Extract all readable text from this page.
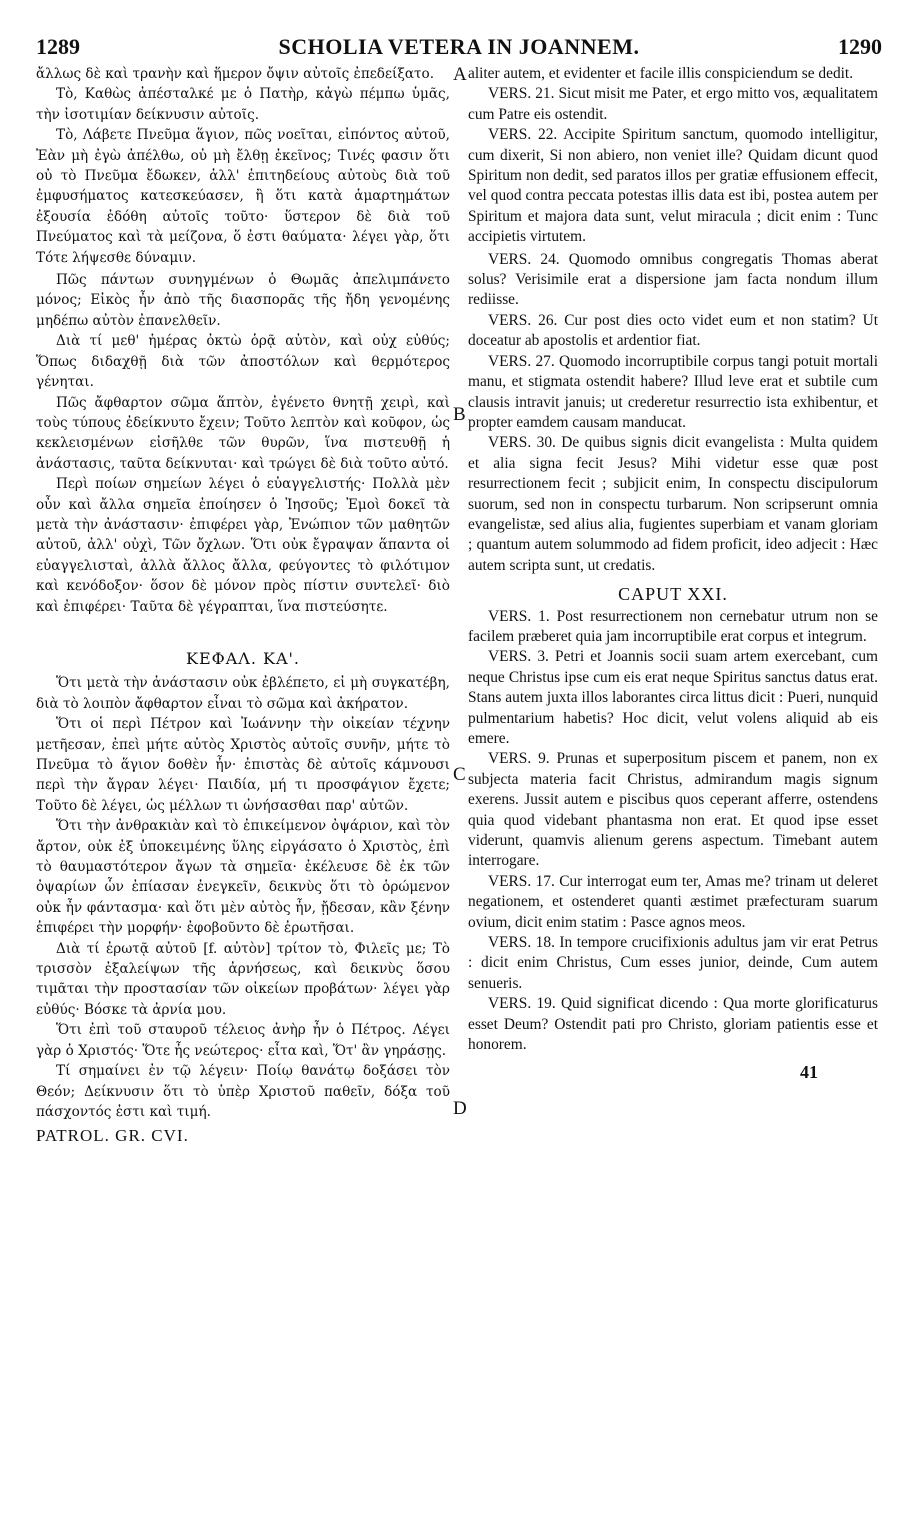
1289	SCHOLIA VETERA IN JOANNEM.	1290
A
B
C
D

ἄλλως δὲ καὶ τρανὴν καὶ ἥμερον ὄψιν αὐτοῖς ἐπεδείξατο.

Τὸ, Καθὼς ἀπέσταλκέ με ὁ Πατὴρ, κἀγὼ πέμπω ὑμᾶς, τὴν ἰσοτιμίαν δείκνυσιν αὐτοῖς.

Τὸ, Λάβετε Πνεῦμα ἅγιον, πῶς νοεῖται, εἰπόντος αὐτοῦ, Ἐὰν μὴ ἐγὼ ἀπέλθω, οὐ μὴ ἔλθῃ ἐκεῖνος; Τινές φασιν ὅτι οὐ τὸ Πνεῦμα ἔδωκεν, ἀλλ' ἐπιτηδείους αὐτοὺς διὰ τοῦ ἐμφυσήματος κατεσκεύασεν, ἢ ὅτι κατὰ ἁμαρτημάτων ἐξουσία ἐδόθη αὐτοῖς τοῦτο· ὕστερον δὲ διὰ τοῦ Πνεύματος καὶ τὰ μείζονα, ὅ ἐστι θαύματα· λέγει γὰρ, ὅτι Τότε λήψεσθε δύναμιν.

Πῶς πάντων συνηγμένων ὁ Θωμᾶς ἀπελιμπάνετο μόνος; Εἰκὸς ἦν ἀπὸ τῆς διασπορᾶς τῆς ἤδη γενομένης μηδέπω αὐτὸν ἐπανελθεῖν.

Διὰ τί μεθ' ἡμέρας ὀκτὼ ὁρᾷ αὐτὸν, καὶ οὐχ εὐθύς; Ὅπως διδαχθῇ διὰ τῶν ἀποστόλων καὶ θερμότερος γένηται.

Πῶς ἄφθαρτον σῶμα ἅπτὸν, ἐγένετο θνητῇ χειρὶ, καὶ τοὺς τύπους ἐδείκνυτο ἔχειν; Τοῦτο λεπτὸν καὶ κοῦφον, ὡς κεκλεισμένων εἰσῆλθε τῶν θυρῶν, ἵνα πιστευθῇ ἡ ἀνάστασις, ταῦτα δείκνυται· καὶ τρώγει δὲ διὰ τοῦτο αὐτό.

Περὶ ποίων σημείων λέγει ὁ εὐαγγελιστής· Πολλὰ μὲν οὖν καὶ ἄλλα σημεῖα ἐποίησεν ὁ Ἰησοῦς; Ἐμοὶ δοκεῖ τὰ μετὰ τὴν ἀνάστασιν· ἐπιφέρει γὰρ, Ἐνώπιον τῶν μαθητῶν αὐτοῦ, ἀλλ' οὐχὶ, Τῶν ὄχλων. Ὅτι οὐκ ἔγραψαν ἅπαντα οἱ εὐαγγελισταὶ, ἀλλὰ ἄλλος ἄλλα, φεύγοντες τὸ φιλότιμον καὶ κενόδοξον· ὅσον δὲ μόνον πρὸς πίστιν συντελεῖ· διὸ καὶ ἐπιφέρει· Ταῦτα δὲ γέγραπται, ἵνα πιστεύσητε.

ΚΕΦΑΛ. ΚΑ'.

Ὅτι μετὰ τὴν ἀνάστασιν οὐκ ἐβλέπετο, εἰ μὴ συγκατέβη, διὰ τὸ λοιπὸν ἄφθαρτον εἶναι τὸ σῶμα καὶ ἀκήρατον.

Ὅτι οἱ περὶ Πέτρον καὶ Ἰωάννην τὴν οἰκείαν τέχνην μετῆεσαν, ἐπεὶ μήτε αὐτὸς Χριστὸς αὐτοῖς συνῆν, μήτε τὸ Πνεῦμα τὸ ἅγιον δοθὲν ἦν· ἐπιστὰς δὲ αὐτοῖς κάμνουσι περὶ τὴν ἄγραν λέγει· Παιδία, μή τι προσφάγιον ἔχετε; Τοῦτο δὲ λέγει, ὡς μέλλων τι ὠνήσασθαι παρ' αὐτῶν.

Ὅτι τὴν ἀνθρακιὰν καὶ τὸ ἐπικείμενον ὀψάριον, καὶ τὸν ἄρτον, οὐκ ἐξ ὑποκειμένης ὕλης εἰργάσατο ὁ Χριστὸς, ἐπὶ τὸ θαυμαστότερον ἄγων τὰ σημεῖα· ἐκέλευσε δὲ ἐκ τῶν ὀψαρίων ὧν ἐπίασαν ἐνεγκεῖν, δεικνὺς ὅτι τὸ ὁρώμενον οὐκ ἦν φάντασμα· καὶ ὅτι μὲν αὐτὸς ἦν, ᾔδεσαν, κἂν ξένην ἐπιφέρει τὴν μορφήν· ἐφοβοῦντο δὲ ἐρωτῆσαι.

Διὰ τί ἐρωτᾷ αὐτοῦ [f. αὐτὸν] τρίτον τὸ, Φιλεῖς με; Τὸ τρισσὸν ἐξαλείψων τῆς ἀρνήσεως, καὶ δεικνὺς ὅσου τιμᾶται τὴν προστασίαν τῶν οἰκείων προβάτων· λέγει γὰρ εὐθύς· Βόσκε τὰ ἀρνία μου.

Ὅτι ἐπὶ τοῦ σταυροῦ τέλειος ἀνὴρ ἦν ὁ Πέτρος. Λέγει γὰρ ὁ Χριστός· Ὅτε ἦς νεώτερος· εἶτα καὶ, Ὅτ' ἂν γηράσῃς.

Τί σημαίνει ἐν τῷ λέγειν· Ποίῳ θανάτῳ δοξάσει τὸν Θεόν; Δείκνυσιν ὅτι τὸ ὑπὲρ Χριστοῦ παθεῖν, δόξα τοῦ πάσχοντός ἐστι καὶ τιμή.

PATROL. GR. CVI.

aliter autem, et evidenter et facile illis conspiciendum se dedit.

VERS. 21. Sicut misit me Pater, et ergo mitto vos, æqualitatem cum Patre eis ostendit.

VERS. 22. Accipite Spiritum sanctum, quomodo intelligitur, cum dixerit, Si non abiero, non veniet ille? Quidam dicunt quod Spiritum non dedit, sed paratos illos per gratiæ effusionem effecit, vel quod contra peccata potestas illis data est ibi, postea autem per Spiritum et majora data sunt, velut miracula ; dicit enim : Tunc accipietis virtutem.

VERS. 24. Quomodo omnibus congregatis Thomas aberat solus? Verisimile erat a dispersione jam facta nondum illum rediisse.

VERS. 26. Cur post dies octo videt eum et non statim? Ut doceatur ab apostolis et ardentior fiat.

VERS. 27. Quomodo incorruptibile corpus tangi potuit mortali manu, et stigmata ostendit habere? Illud leve erat et subtile cum clausis intravit januis; ut crederetur resurrectio ista exhibentur, et propter eamdem causam manducat.

VERS. 30. De quibus signis dicit evangelista : Multa quidem et alia signa fecit Jesus? Mihi videtur esse quæ post resurrectionem fecit ; subjicit enim, In conspectu discipulorum suorum, sed non in conspectu turbarum. Non scripserunt omnia evangelistæ, sed alius alia, fugientes superbiam et vanam gloriam ; quantum autem solummodo ad fidem proficit, ideo adjecit : Hæc autem scripta sunt, ut credatis.

CAPUT XXI.

VERS. 1. Post resurrectionem non cernebatur utrum non se facilem præberet quia jam incorruptibile erat corpus et integrum.

VERS. 3. Petri et Joannis socii suam artem exercebant, cum neque Christus ipse cum eis erat neque Spiritus sanctus datus erat. Stans autem juxta illos laborantes circa littus dicit : Pueri, nunquid pulmentarium habetis? Hoc dicit, velut volens aliquid ab eis emere.

VERS. 9. Prunas et superpositum piscem et panem, non ex subjecta materia facit Christus, admirandum magis signum exerens. Jussit autem e piscibus quos ceperant afferre, ostendens quia quod videbant phantasma non erat. Et quod ipse esset viderunt, quamvis alienum gerens aspectum. Timebant autem interrogare.

VERS. 17. Cur interrogat eum ter, Amas me? trinam ut deleret negationem, et ostenderet quanti æstimet præfecturam suarum ovium, dicit enim statim : Pasce agnos meos.

VERS. 18. In tempore crucifixionis adultus jam vir erat Petrus : dicit enim Christus, Cum esses junior, deinde, Cum autem senueris.

VERS. 19. Quid significat dicendo : Qua morte glorificaturus esset Deum? Ostendit pati pro Christo, gloriam patientis esse et honorem.

41
